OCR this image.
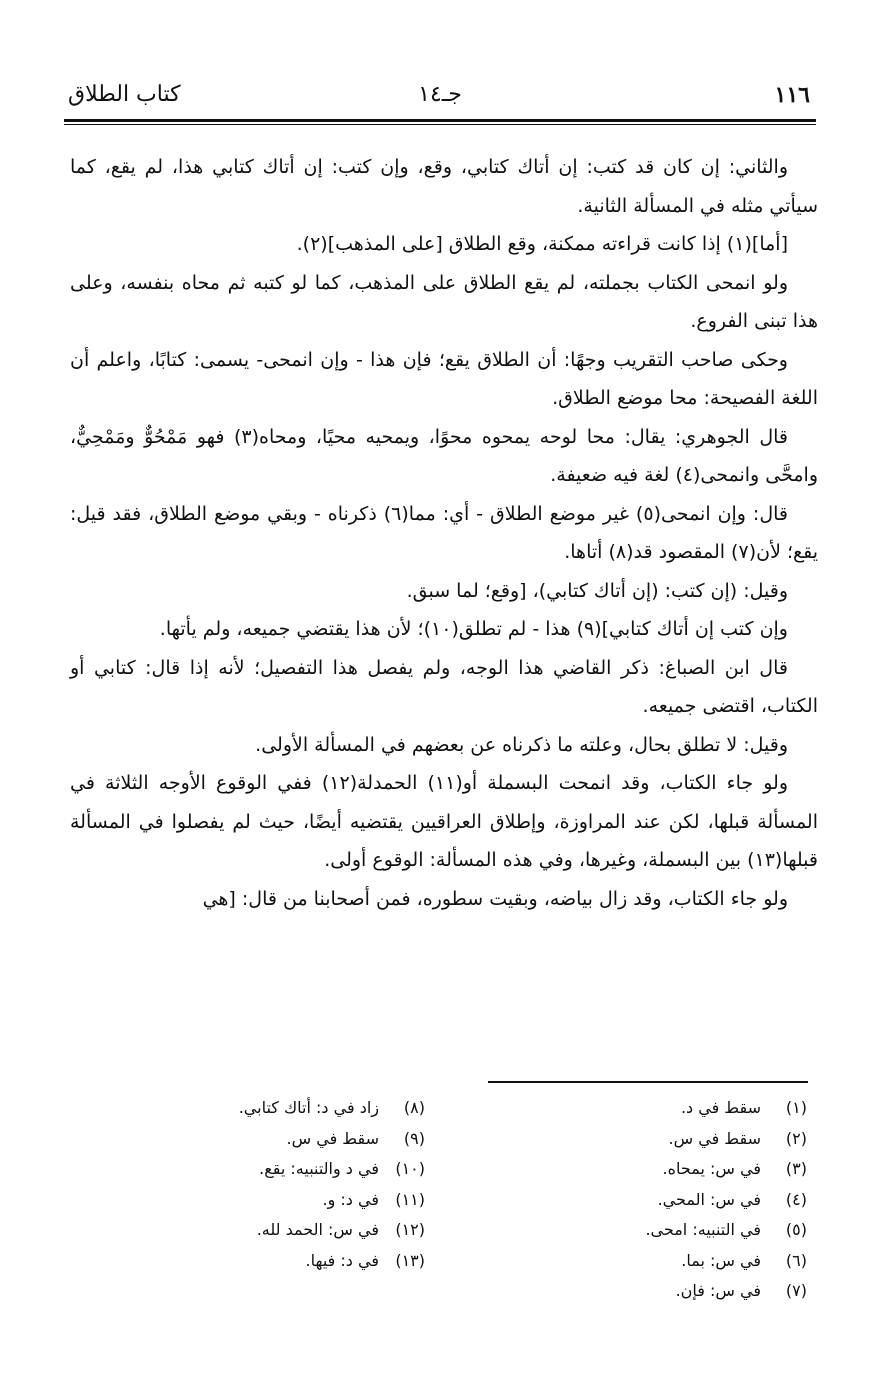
١١٦
جـ١٤
كتاب الطلاق

والثاني: إن كان قد كتب: إن أتاك كتابي، وقع، وإن كتب: إن أتاك كتابي هذا، لم يقع، كما سيأتي مثله في المسألة الثانية.

[أما](١) إذا كانت قراءته ممكنة، وقع الطلاق [على المذهب](٢).

ولو انمحى الكتاب بجملته، لم يقع الطلاق على المذهب، كما لو كتبه ثم محاه بنفسه، وعلى هذا تبنى الفروع.

وحكى صاحب التقريب وجهًا: أن الطلاق يقع؛ فإن هذا - وإن انمحى- يسمى: كتابًا، واعلم أن اللغة الفصيحة: محا موضع الطلاق.

قال الجوهري: يقال: محا لوحه يمحوه محوًا، ويمحيه محيًا، ومحاه(٣) فهو مَمْحُوٌّ ومَمْحِيٌّ، وامحَّى وانمحى(٤) لغة فيه ضعيفة.

قال: وإن انمحى(٥) غير موضع الطلاق - أي: مما(٦) ذكرناه - وبقي موضع الطلاق، فقد قيل: يقع؛ لأن(٧) المقصود قد(٨) أتاها.

وقيل: (إن كتب: (إن أتاك كتابي)، [وقع؛ لما سبق.

وإن كتب إن أتاك كتابي](٩) هذا - لم تطلق(١٠)؛ لأن هذا يقتضي جميعه، ولم يأتها.

قال ابن الصباغ: ذكر القاضي هذا الوجه، ولم يفصل هذا التفصيل؛ لأنه إذا قال: كتابي أو الكتاب، اقتضى جميعه.

وقيل: لا تطلق بحال، وعلته ما ذكرناه عن بعضهم في المسألة الأولى.

ولو جاء الكتاب، وقد انمحت البسملة أو(١١) الحمدلة(١٢) ففي الوقوع الأوجه الثلاثة في المسألة قبلها، لكن عند المراوزة، وإطلاق العراقيين يقتضيه أيضًا، حيث لم يفصلوا في المسألة قبلها(١٣) بين البسملة، وغيرها، وفي هذه المسألة: الوقوع أولى.

ولو جاء الكتاب، وقد زال بياضه، وبقيت سطوره، فمن أصحابنا من قال: [هي

(١)سقط في د.
(٢)سقط في س.
(٣)في س: يمحاه.
(٤)في س: المحي.
(٥)في التنبيه: امحى.
(٦)في س: بما.
(٧)في س: فإن.
(٨)زاد في د: أتاك كتابي.
(٩)سقط في س.
(١٠)في د والتنبيه: يقع.
(١١)في د: و.
(١٢)في س: الحمد لله.
(١٣)في د: فيها.
